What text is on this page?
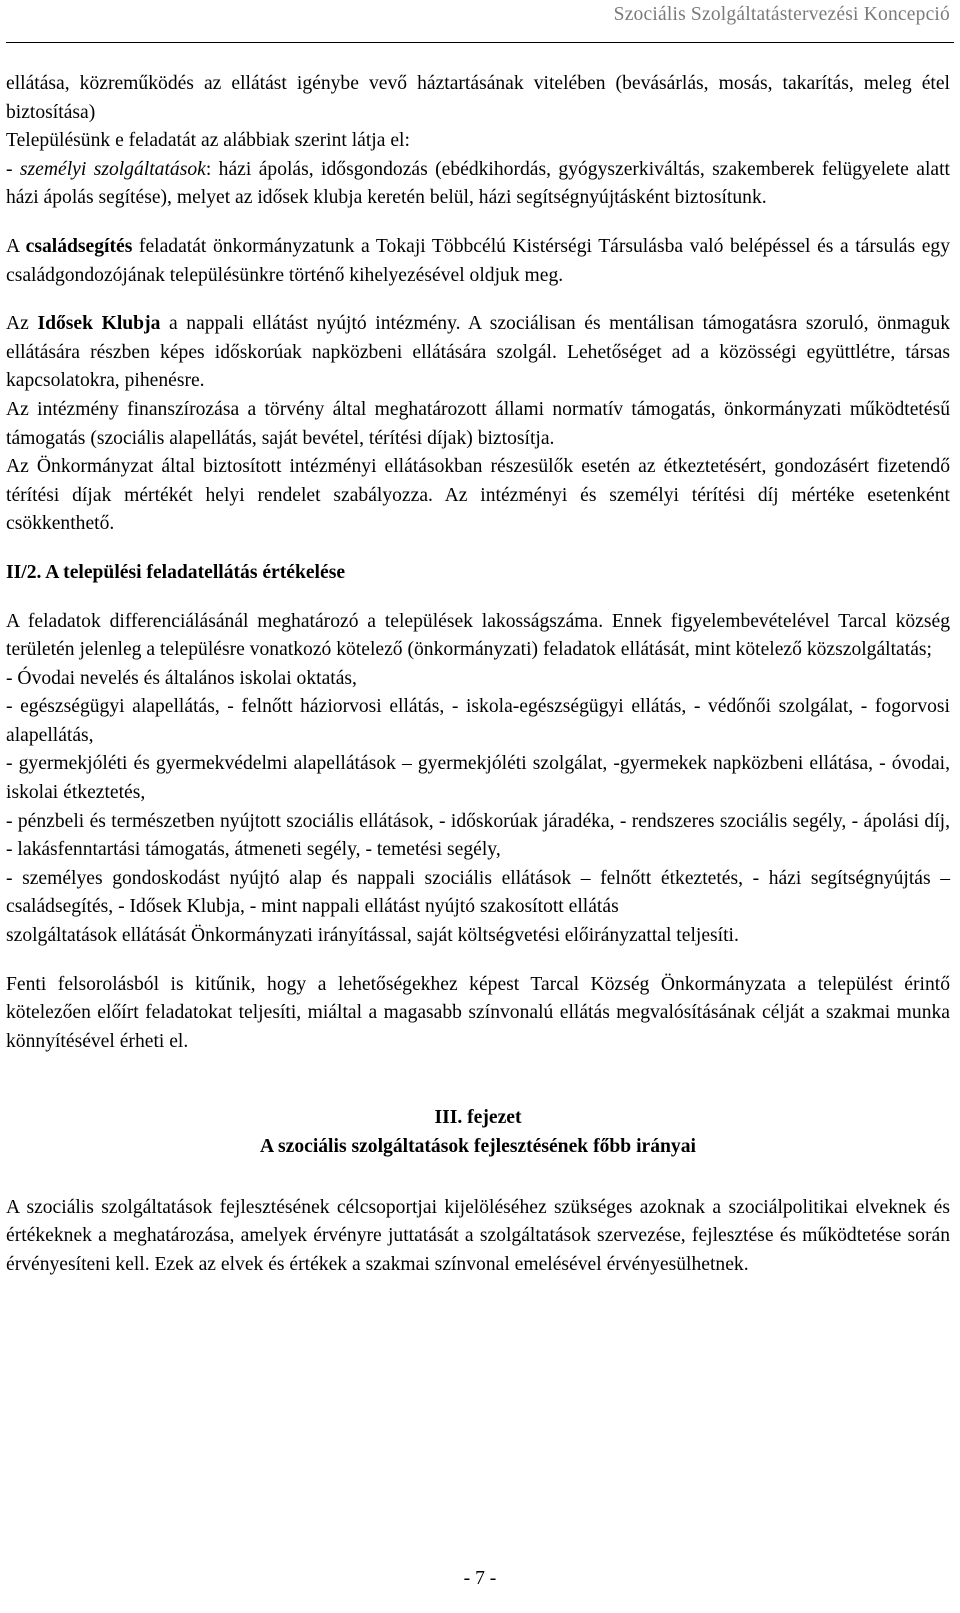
Szociális Szolgáltatástervezési Koncepció

ellátása, közreműködés az ellátást igénybe vevő háztartásának vitelében (bevásárlás, mosás, takarítás, meleg étel biztosítása)

Településünk e feladatát az alábbiak szerint látja el:

- személyi szolgáltatások: házi ápolás, idősgondozás (ebédkihordás, gyógyszerkiváltás, szakemberek felügyelete alatt házi ápolás segítése), melyet az idősek klubja keretén belül, házi segítségnyújtásként biztosítunk.

A családsegítés feladatát önkormányzatunk a Tokaji Többcélú Kistérségi Társulásba való belépéssel és a társulás egy családgondozójának településünkre történő kihelyezésével oldjuk meg.

Az Idősek Klubja a nappali ellátást nyújtó intézmény. A szociálisan és mentálisan támogatásra szoruló, önmaguk ellátására részben képes időskorúak napközbeni ellátására szolgál. Lehetőséget ad a közösségi együttlétre, társas kapcsolatokra, pihenésre.

Az intézmény finanszírozása a törvény által meghatározott állami normatív támogatás, önkormányzati működtetésű támogatás (szociális alapellátás, saját bevétel, térítési díjak) biztosítja.

Az Önkormányzat által biztosított intézményi ellátásokban részesülők esetén az étkeztetésért, gondozásért fizetendő térítési díjak mértékét helyi rendelet szabályozza. Az intézményi és személyi térítési díj mértéke esetenként csökkenthető.

II/2. A települési feladatellátás értékelése

A feladatok differenciálásánál meghatározó a települések lakosságszáma. Ennek figyelembevételével Tarcal község területén jelenleg a településre vonatkozó kötelező (önkormányzati) feladatok ellátását, mint kötelező közszolgáltatás;

- Óvodai nevelés és általános iskolai oktatás,

- egészségügyi alapellátás, - felnőtt háziorvosi ellátás, - iskola-egészségügyi ellátás, - védőnői szolgálat, - fogorvosi alapellátás,

- gyermekjóléti és gyermekvédelmi alapellátások – gyermekjóléti szolgálat, -gyermekek napközbeni ellátása, - óvodai, iskolai étkeztetés,

- pénzbeli és természetben nyújtott szociális ellátások, - időskorúak járadéka, - rendszeres szociális segély, - ápolási díj, - lakásfenntartási támogatás, átmeneti segély, - temetési segély,

- személyes gondoskodást nyújtó alap és nappali szociális ellátások – felnőtt étkeztetés, - házi segítségnyújtás – családsegítés, - Idősek Klubja, - mint nappali ellátást nyújtó szakosított ellátás

szolgáltatások ellátását Önkormányzati irányítással, saját költségvetési előirányzattal teljesíti.

Fenti felsorolásból is kitűnik, hogy a lehetőségekhez képest Tarcal Község Önkormányzata a települést érintő kötelezően előírt feladatokat teljesíti, miáltal a magasabb színvonalú ellátás megvalósításának célját a szakmai munka könnyítésével érheti el.

III. fejezet

A szociális szolgáltatások fejlesztésének főbb irányai

A szociális szolgáltatások fejlesztésének célcsoportjai kijelöléséhez szükséges azoknak a szociálpolitikai elveknek és értékeknek a meghatározása, amelyek érvényre juttatását a szolgáltatások szervezése, fejlesztése és működtetése során érvényesíteni kell. Ezek az elvek és értékek a szakmai színvonal emelésével érvényesülhetnek.

- 7 -
